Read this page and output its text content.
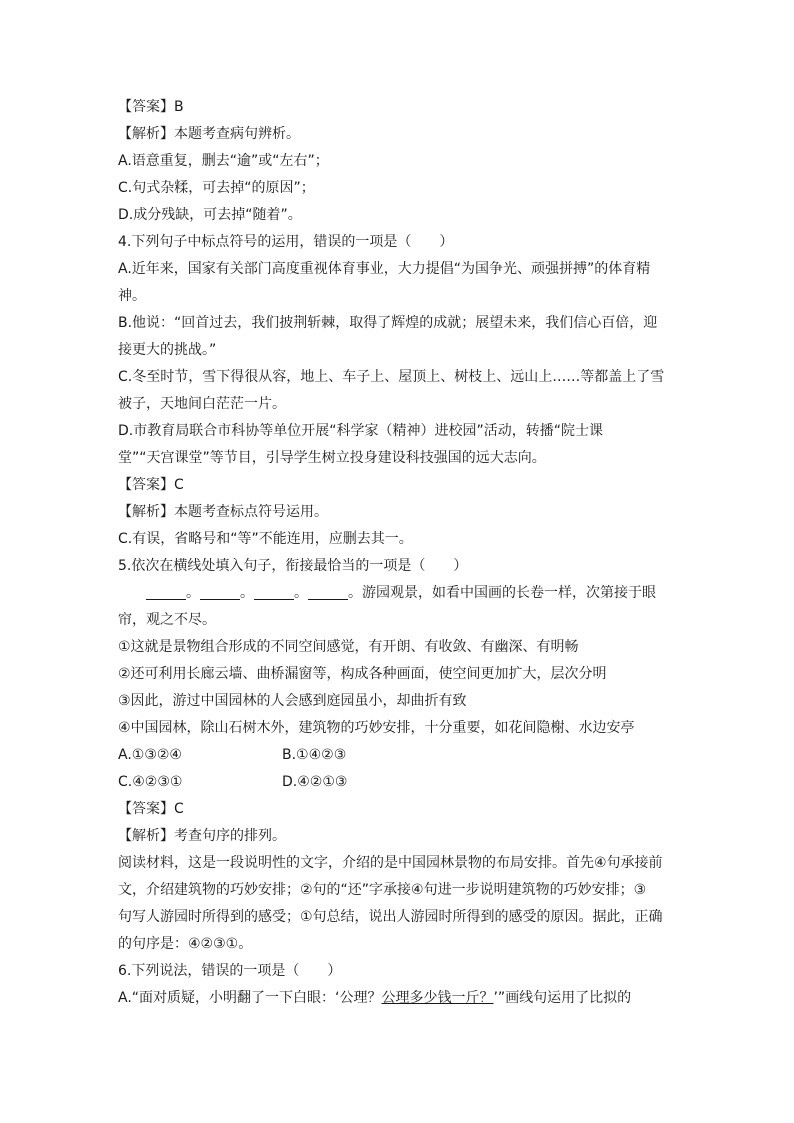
【答案】B
【解析】本题考查病句辨析。
A.语意重复，删去“逾”或“左右”；
C.句式杂糅，可去掉“的原因”；
D.成分残缺，可去掉“随着”。
4.下列句子中标点符号的运用，错误的一项是（　　）
A.近年来，国家有关部门高度重视体育事业，大力提倡“为国争光、顽强拼搏”的体育精
神。
B.他说：“回首过去，我们披荆斩棘，取得了辉煌的成就；展望未来，我们信心百倍，迎
接更大的挑战。”
C.冬至时节，雪下得很从容，地上、车子上、屋顶上、树枝上、远山上……等都盖上了雪
被子，天地间白茫茫一片。
D.市教育局联合市科协等单位开展“科学家（精神）进校园”活动，转播“院士课
堂”“天宫课堂”等节目，引导学生树立投身建设科技强国的远大志向。
【答案】C
【解析】本题考查标点符号运用。
C.有误，省略号和“等”不能连用，应删去其一。
5.依次在横线处填入句子，衔接最恰当的一项是（　　）
。	。	。	。游园观景，如看中国画的长卷一样，次第接于眼
帘，观之不尽。
①这就是景物组合形成的不同空间感觉，有开朗、有收敛、有幽深、有明畅
②还可利用长廊云墙、曲桥漏窗等，构成各种画面，使空间更加扩大，层次分明
③因此，游过中国园林的人会感到庭园虽小，却曲折有致
④中国园林，除山石树木外，建筑物的巧妙安排，十分重要，如花间隐榭、水边安亭
A.①③②④	B.①④②③
C.④②③①	D.④②①③
【答案】C
【解析】考查句序的排列。
阅读材料，这是一段说明性的文字，介绍的是中国园林景物的布局安排。首先④句承接前
文，介绍建筑物的巧妙安排；②句的“还”字承接④句进一步说明建筑物的巧妙安排；③
句写人游园时所得到的感受；①句总结，说出人游园时所得到的感受的原因。据此，正确
的句序是：④②③①。
6.下列说法，错误的一项是（　　）
A.“面对质疑，小明翻了一下白眼：‘公理？公理多少钱一斤？’”画线句运用了比拟的
